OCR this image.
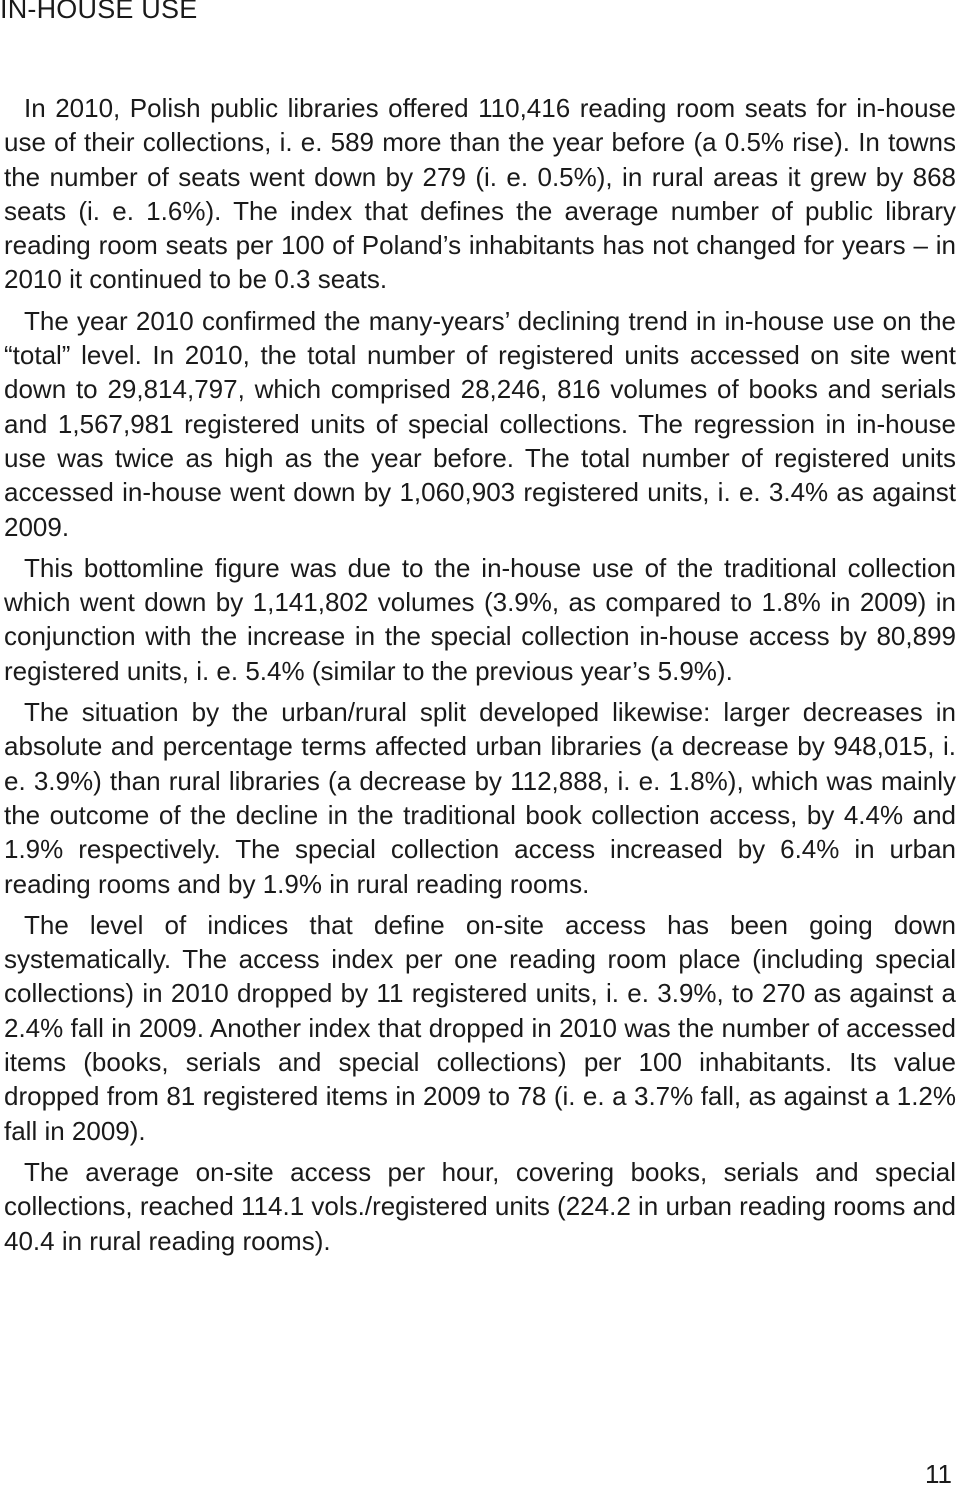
IN-HOUSE USE

In 2010, Polish public libraries offered 110,416 reading room seats for in-house use of their collections, i. e. 589 more than the year before (a 0.5% rise). In towns the number of seats went down by 279 (i. e. 0.5%), in rural areas it grew by 868 seats (i. e. 1.6%). The index that defines the average number of public library reading room seats per 100 of Poland’s inhabitants has not changed for years – in 2010 it continued to be 0.3 seats.

The year 2010 confirmed the many-years’ declining trend in in-house use on the “total” level. In 2010, the total number of registered units accessed on site went down to 29,814,797, which comprised 28,246, 816 volumes of books and serials and 1,567,981 registered units of special collections. The regression in in-house use was twice as high as the year before. The total number of registered units accessed in-house went down by 1,060,903 registered units, i. e. 3.4% as against 2009.

This bottomline figure was due to the in-house use of the traditional collection which went down by 1,141,802 volumes (3.9%, as compared to 1.8% in 2009) in conjunction with the increase in the special collection in-house access by 80,899 registered units, i. e. 5.4% (similar to the previous year’s 5.9%).

The situation by the urban/rural split developed likewise: larger decreases in absolute and percentage terms affected urban libraries (a decrease by 948,015, i. e. 3.9%) than rural libraries (a decrease by 112,888, i. e. 1.8%), which was mainly the outcome of the decline in the traditional book collection access, by 4.4% and 1.9% respectively. The special collection access increased by 6.4% in urban reading rooms and by 1.9% in rural reading rooms.

The level of indices that define on-site access has been going down systematically. The access index per one reading room place (including special collections) in 2010 dropped by 11 registered units, i. e. 3.9%, to 270 as against a 2.4% fall in 2009. Another index that dropped in 2010 was the number of accessed items (books, serials and special collections) per 100 inhabitants. Its value dropped from 81 registered items in 2009 to 78 (i. e. a 3.7% fall, as against a 1.2% fall in 2009).

The average on-site access per hour, covering books, serials and special collections, reached 114.1 vols./registered units (224.2 in urban reading rooms and 40.4 in rural reading rooms).

11
